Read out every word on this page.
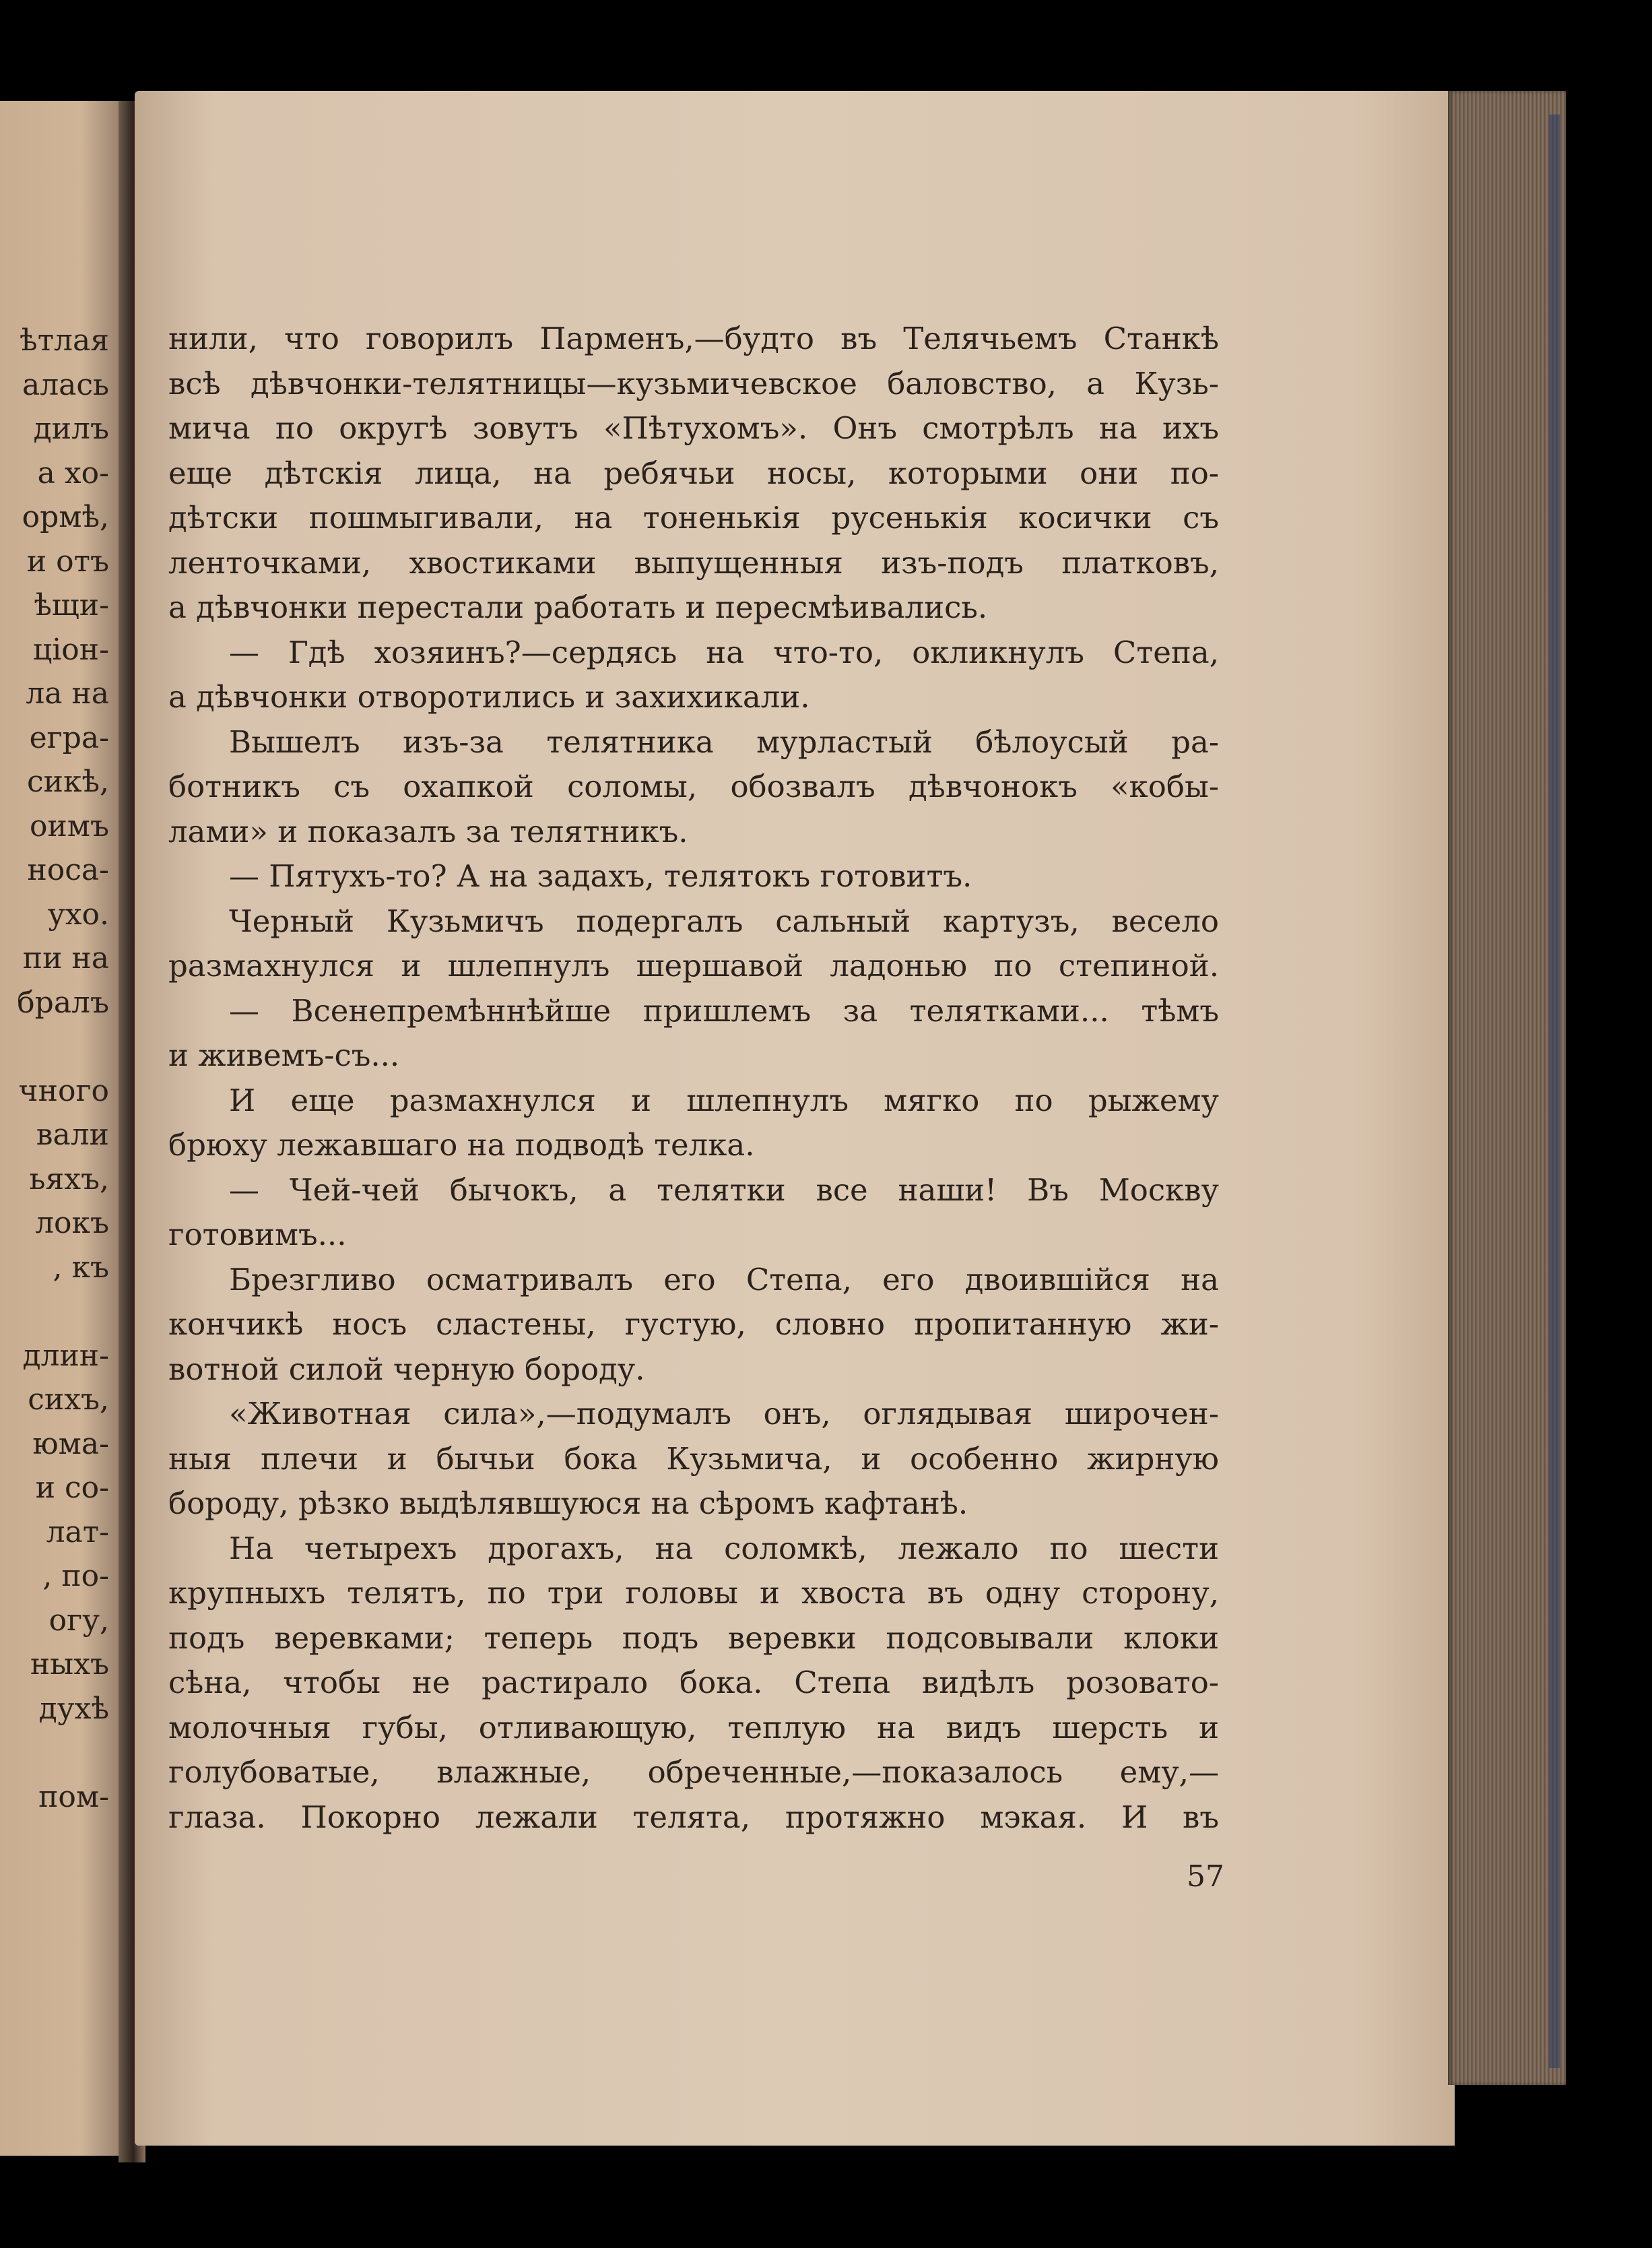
ѣтлая
алась
дилъ
а хо-
ормѣ,
и отъ
ѣщи-
ціон-
ла на
егра-
сикѣ,
оимъ
носа-
ухо.
пи на
бралъ
чного
вали
ьяхъ,
локъ
, къ
длин-
сихъ,
юма-
и со-
лат-
, по-
огу,
ныхъ
духѣ
пом-
нили, что говорилъ Парменъ,—будто въ Телячьемъ Станкѣ
всѣ дѣвчонки-телятницы—кузьмичевское баловство, а Кузь-
мича по округѣ зовутъ «Пѣтухомъ». Онъ смотрѣлъ на ихъ
еще дѣтскія лица, на ребячьи носы, которыми они по-
дѣтски пошмыгивали, на тоненькія русенькія косички съ
ленточками, хвостиками выпущенныя изъ-подъ платковъ,
а дѣвчонки перестали работать и пересмѣивались.
— Гдѣ хозяинъ?—сердясь на что-то, окликнулъ Степа,
а дѣвчонки отворотились и захихикали.
Вышелъ изъ-за телятника мурластый бѣлоусый ра-
ботникъ съ охапкой соломы, обозвалъ дѣвчонокъ «кобы-
лами» и показалъ за телятникъ.
— Пятухъ-то? А на задахъ, телятокъ готовитъ.
Черный Кузьмичъ подергалъ сальный картузъ, весело
размахнулся и шлепнулъ шершавой ладонью по степиной.
— Всенепремѣннѣйше пришлемъ за телятками... тѣмъ
и живемъ-съ...
И еще размахнулся и шлепнулъ мягко по рыжему
брюху лежавшаго на подводѣ телка.
— Чей-чей бычокъ, а телятки все наши! Въ Москву
готовимъ...
Брезгливо осматривалъ его Степа, его двоившійся на
кончикѣ носъ сластены, густую, словно пропитанную жи-
вотной силой черную бороду.
«Животная сила»,—подумалъ онъ, оглядывая широчен-
ныя плечи и бычьи бока Кузьмича, и особенно жирную
бороду, рѣзко выдѣлявшуюся на сѣромъ кафтанѣ.
На четырехъ дрогахъ, на соломкѣ, лежало по шести
крупныхъ телятъ, по три головы и хвоста въ одну сторону,
подъ веревками; теперь подъ веревки подсовывали клоки
сѣна, чтобы не растирало бока. Степа видѣлъ розовато-
молочныя губы, отливающую, теплую на видъ шерсть и
голубоватые, влажные, обреченные,—показалось ему,—
глаза. Покорно лежали телята, протяжно мэкая. И въ
57
